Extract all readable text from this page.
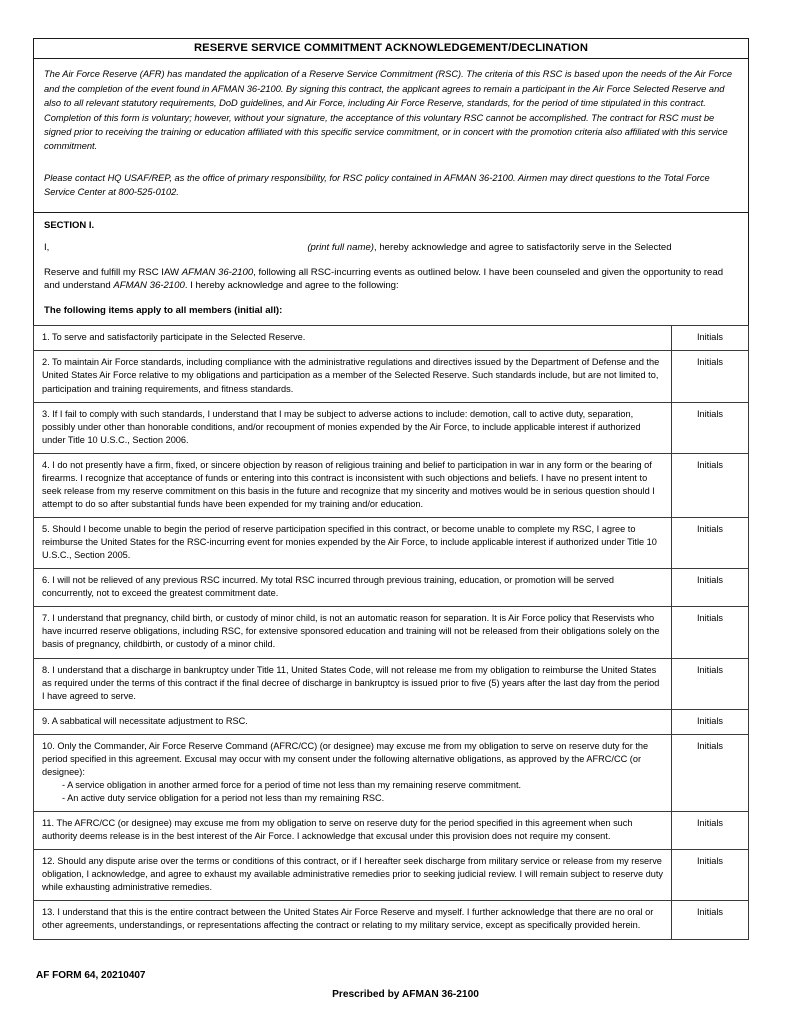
RESERVE SERVICE COMMITMENT ACKNOWLEDGEMENT/DECLINATION

The Air Force Reserve (AFR) has mandated the application of a Reserve Service Commitment (RSC). The criteria of this RSC is based upon the needs of the Air Force and the completion of the event found in AFMAN 36-2100. By signing this contract, the applicant agrees to remain a participant in the Air Force Selected Reserve and also to all relevant statutory requirements, DoD guidelines, and Air Force, including Air Force Reserve, standards, for the period of time stipulated in this contract. Completion of this form is voluntary; however, without your signature, the acceptance of this voluntary RSC cannot be accomplished. The contract for RSC must be signed prior to receiving the training or education affiliated with this specific service commitment, or in concert with the promotion criteria also affiliated with this service commitment.

Please contact HQ USAF/REP, as the office of primary responsibility, for RSC policy contained in AFMAN 36-2100. Airmen may direct questions to the Total Force Service Center at 800-525-0102.

SECTION I.
I,	(print full name), hereby acknowledge and agree to satisfactorily serve in the Selected

Reserve and fulfill my RSC IAW AFMAN 36-2100, following all RSC-incurring events as outlined below. I have been counseled and given the opportunity to read and understand AFMAN 36-2100. I hereby acknowledge and agree to the following:

The following items apply to all members (initial all):
1. To serve and satisfactorily participate in the Selected Reserve.	Initials
2. To maintain Air Force standards, including compliance with the administrative regulations and directives issued by the Department of Defense and the United States Air Force relative to my obligations and participation as a member of the Selected Reserve. Such standards include, but are not limited to, participation and training requirements, and fitness standards.	Initials
3. If I fail to comply with such standards, I understand that I may be subject to adverse actions to include: demotion, call to active duty, separation, possibly under other than honorable conditions, and/or recoupment of monies expended by the Air Force, to include applicable interest if authorized under Title 10 U.S.C., Section 2006.	Initials
4. I do not presently have a firm, fixed, or sincere objection by reason of religious training and belief to participation in war in any form or the bearing of firearms. I recognize that acceptance of funds or entering into this contract is inconsistent with such objections and beliefs. I have no present intent to seek release from my reserve commitment on this basis in the future and recognize that my sincerity and motives would be in serious question should I attempt to do so after substantial funds have been expended for my training and/or education.	Initials
5. Should I become unable to begin the period of reserve participation specified in this contract, or become unable to complete my RSC, I agree to reimburse the United States for the RSC-incurring event for monies expended by the Air Force, to include applicable interest if authorized under Title 10 U.S.C., Section 2005.	Initials
6. I will not be relieved of any previous RSC incurred. My total RSC incurred through previous training, education, or promotion will be served concurrently, not to exceed the greatest commitment date.	Initials
7. I understand that pregnancy, child birth, or custody of minor child, is not an automatic reason for separation. It is Air Force policy that Reservists who have incurred reserve obligations, including RSC, for extensive sponsored education and training will not be released from their obligations solely on the basis of pregnancy, childbirth, or custody of a minor child.	Initials
8. I understand that a discharge in bankruptcy under Title 11, United States Code, will not release me from my obligation to reimburse the United States as required under the terms of this contract if the final decree of discharge in bankruptcy is issued prior to five (5) years after the last day from the period I have agreed to serve.	Initials
9. A sabbatical will necessitate adjustment to RSC.	Initials
10. Only the Commander, Air Force Reserve Command (AFRC/CC) (or designee) may excuse me from my obligation to serve on reserve duty for the period specified in this agreement. Excusal may occur with my consent under the following alternative obligations, as approved by the AFRC/CC (or designee):
- A service obligation in another armed force for a period of time not less than my remaining reserve commitment.
- An active duty service obligation for a period not less than my remaining RSC.	Initials
11. The AFRC/CC (or designee) may excuse me from my obligation to serve on reserve duty for the period specified in this agreement when such authority deems release is in the best interest of the Air Force. I acknowledge that excusal under this provision does not require my consent.	Initials
12. Should any dispute arise over the terms or conditions of this contract, or if I hereafter seek discharge from military service or release from my reserve obligation, I acknowledge, and agree to exhaust my available administrative remedies prior to seeking judicial review. I will remain subject to reserve duty while exhausting administrative remedies.	Initials
13. I understand that this is the entire contract between the United States Air Force Reserve and myself. I further acknowledge that there are no oral or other agreements, understandings, or representations affecting the contract or relating to my military service, except as specifically provided herein.	Initials
AF FORM 64, 20210407
Prescribed by AFMAN 36-2100
